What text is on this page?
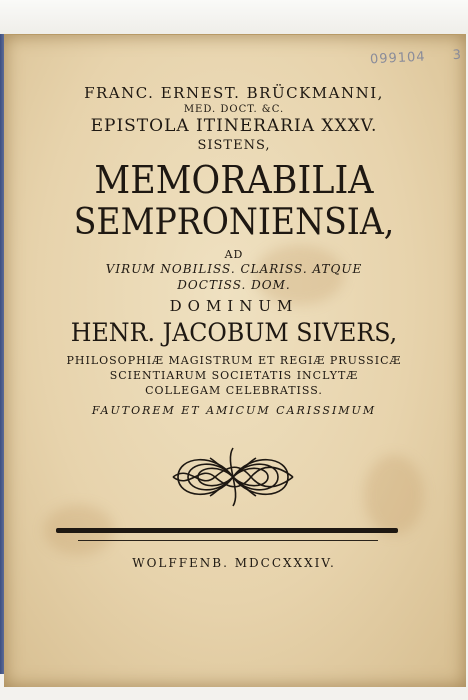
099104 3
FRANC. ERNEST. BRÜCKMANNI,
MED. DOCT. &C.
EPISTOLA ITINERARIA XXXV.
SISTENS,
MEMORABILIA
SEMPRONIENSIA,
AD
VIRUM NOBILISS. CLARISS. ATQUE
DOCTISS. DOM.
DOMINUM
HENR. JACOBUM SIVERS,
PHILOSOPHIÆ MAGISTRUM ET REGIÆ PRUSSICÆ
SCIENTIARUM SOCIETATIS INCLYTÆ
COLLEGAM CELEBRATISS.
FAUTOREM ET AMICUM CARISSIMUM
WOLFFENB. MDCCXXXIV.
